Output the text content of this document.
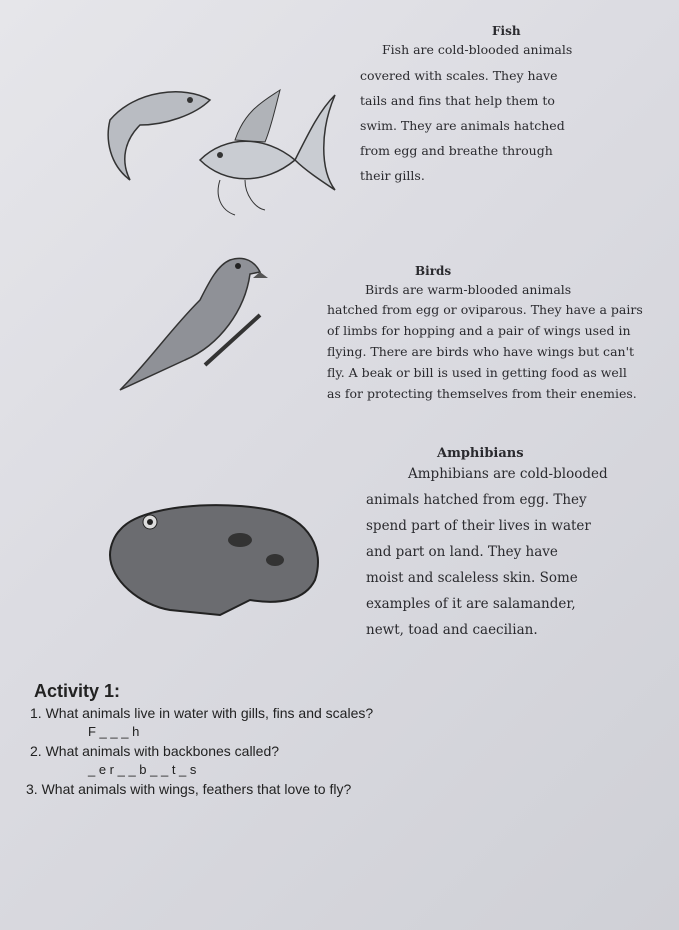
Fish
Fish are cold-blooded animals
covered with scales. They have
tails and fins that help them to
swim. They are animals hatched
from egg and breathe through
their gills.
Birds
Birds are warm-blooded animals
hatched from egg or oviparous. They have a pairs
of limbs for hopping and a pair of wings used in
flying. There are birds who have wings but can't
fly. A beak or bill is used in getting food as well
as for protecting themselves from their enemies.
Amphibians
Amphibians are cold-blooded
animals hatched from egg. They
spend part of their lives in water
and part on land. They have
moist and scaleless skin. Some
examples of it are salamander,
newt, toad and caecilian.
Activity 1:
1. What animals live in water with gills, fins and scales?
F _ _ _ h
2. What animals with backbones called?
_ e r _ _ b _ _ t _ s
3. What animals with wings, feathers that love to fly?
